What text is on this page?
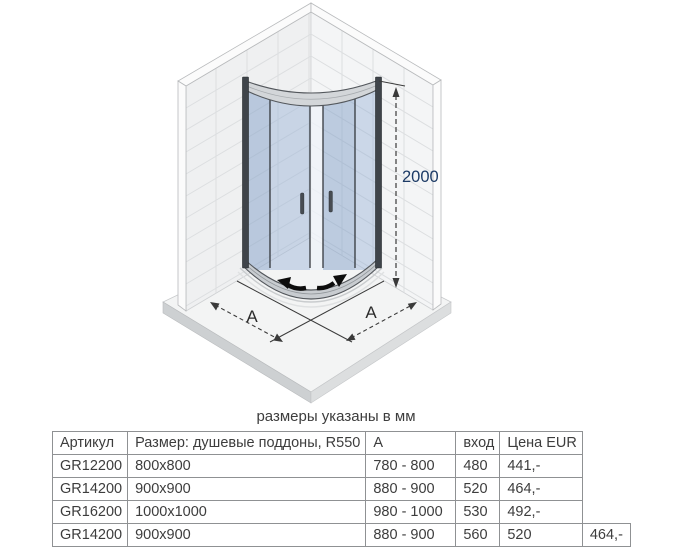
2000
A	A
размеры указаны в мм
Артикул	Размер: душевые поддоны, R550	A	вход	Цена EUR	
GR12200	800x800	780 - 800	480	441,-	
GR14200	900x900	880 - 900	520	464,-	
GR16200	1000x1000	980 - 1000	530	492,-	
GR14200	900x900	880 - 900	560	520	464,-
